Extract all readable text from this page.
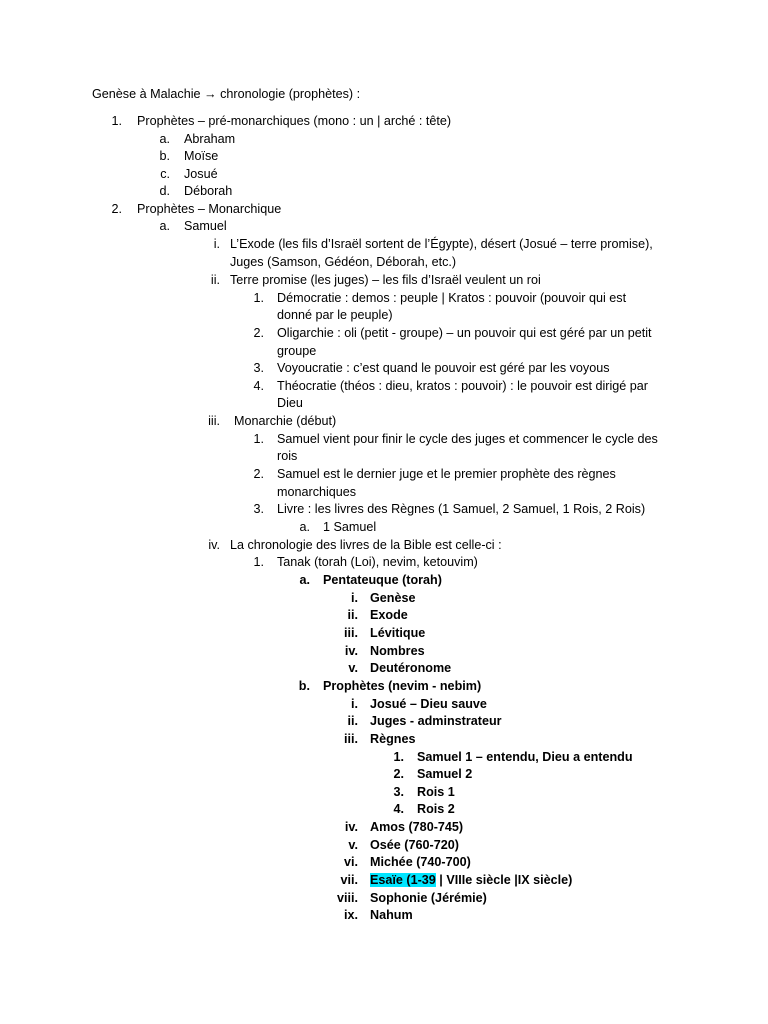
Genèse à Malachie → chronologie (prophètes) :
1. Prophètes – pré-monarchiques (mono : un | arché : tête)
a. Abraham
b. Moïse
c. Josué
d. Déborah
2. Prophètes – Monarchique
a. Samuel
i. L’Exode (les fils d’Israël sortent de l’Égypte), désert (Josué – terre promise),
Juges (Samson, Gédéon, Déborah, etc.)
ii. Terre promise (les juges) – les fils d’Israël veulent un roi
1. Démocratie : demos : peuple | Kratos : pouvoir (pouvoir qui est
donné par le peuple)
2. Oligarchie : oli (petit - groupe) – un pouvoir qui est géré par un petit
groupe
3. Voyoucratie : c’est quand le pouvoir est géré par les voyous
4. Théocratie (théos : dieu, kratos : pouvoir) : le pouvoir est dirigé par
Dieu
iii. Monarchie (début)
1. Samuel vient pour finir le cycle des juges et commencer le cycle des
rois
2. Samuel est le dernier juge et le premier prophète des règnes
monarchiques
3. Livre : les livres des Règnes (1 Samuel, 2 Samuel, 1 Rois, 2 Rois)
a. 1 Samuel
iv. La chronologie des livres de la Bible est celle-ci :
1. Tanak (torah (Loi), nevim, ketouvim)
a. Pentateuque (torah)
i. Genèse
ii. Exode
iii. Lévitique
iv. Nombres
v. Deutéronome
b. Prophètes (nevim - nebim)
i. Josué – Dieu sauve
ii. Juges - adminstrateur
iii. Règnes
1. Samuel 1 – entendu, Dieu a entendu
2. Samuel 2
3. Rois 1
4. Rois 2
iv. Amos (780-745)
v. Osée (760-720)
vi. Michée (740-700)
vii. Esaïe (1-39 | VIIIe siècle |IX siècle)
viii. Sophonie (Jérémie)
ix. Nahum
